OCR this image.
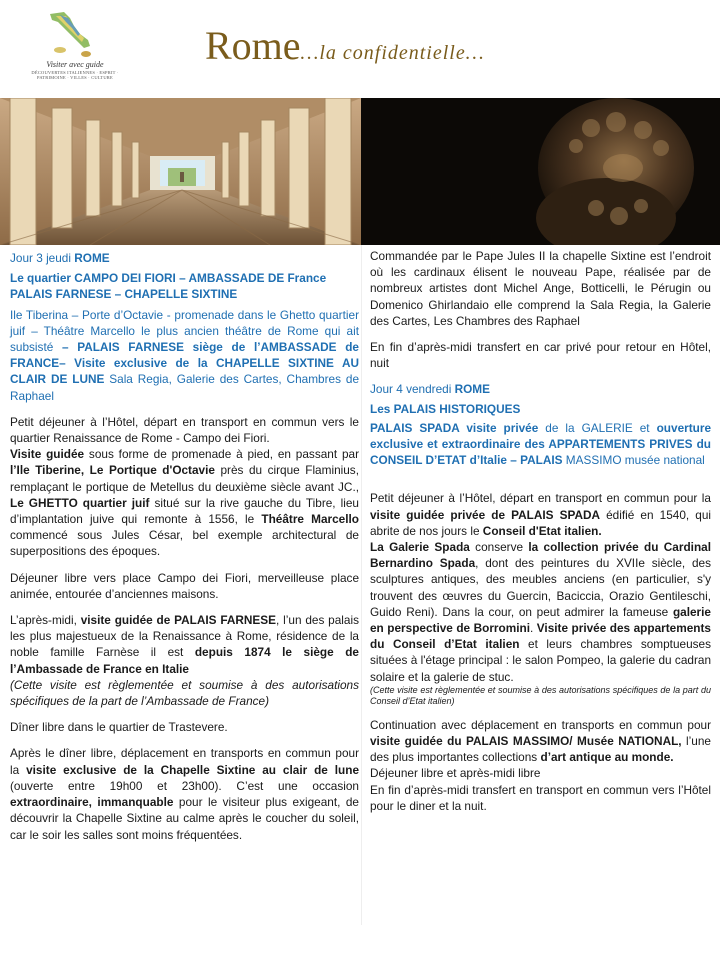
Visiter avec guide
DÉCOUVERTES ITALIENNES · ESPRIT · PATRIMOINE · VILLES · CULTURE
Rome…la confidentielle…

Jour 3 jeudi ROME

Le quartier CAMPO DEI FIORI – AMBASSADE DE France

PALAIS FARNESE – CHAPELLE SIXTINE

Ile Tiberina – Porte d’Octavie - promenade dans le Ghetto quartier juif – Théâtre Marcello le plus ancien théâtre de Rome qui ait subsisté – PALAIS FARNESE siège de l’AMBASSADE de FRANCE– Visite exclusive de la CHAPELLE SIXTINE AU CLAIR DE LUNE Sala Regia, Galerie des Cartes, Chambres de Raphael

Petit déjeuner à l’Hôtel, départ en transport en commun vers le quartier Renaissance de Rome - Campo dei Fiori.

Visite guidée sous forme de promenade à pied, en passant par l’Ile Tiberine, Le Portique d'Octavie près du cirque Flaminius, remplaçant le portique de Metellus du deuxième siècle avant JC., Le GHETTO quartier juif situé sur la rive gauche du Tibre, lieu d’implantation juive qui remonte à 1556, le Théâtre Marcello commencé sous Jules César, bel exemple architectural de superpositions des époques.

Déjeuner libre vers place Campo dei Fiori, merveilleuse place animée, entourée d’anciennes maisons.

L’après-midi, visite guidée de PALAIS FARNESE, l’un des palais les plus majestueux de la Renaissance à Rome, résidence de la noble famille Farnèse il est depuis 1874 le siège de l’Ambassade de France en Italie

(Cette visite est règlementée et soumise à des autorisations spécifiques de la part de l’Ambassade de France)

Dîner libre dans le quartier de Trastevere.

Après le dîner libre, déplacement en transports en commun pour la visite exclusive de la Chapelle Sixtine au clair de lune (ouverte entre 19h00 et 23h00). C’est une occasion extraordinaire, immanquable pour le visiteur plus exigeant, de découvrir la Chapelle Sixtine au calme après le coucher du soleil, car le soir les salles sont moins fréquentées.

Commandée par le Pape Jules II la chapelle Sixtine est l’endroit où les cardinaux élisent le nouveau Pape, réalisée par de nombreux artistes dont Michel Ange, Botticelli, le Pérugin ou Domenico Ghirlandaio elle comprend la Sala Regia, la Galerie des Cartes, Les Chambres des Raphael

En fin d’après-midi transfert en car privé pour retour en Hôtel, nuit

Jour 4 vendredi ROME

Les PALAIS HISTORIQUES

PALAIS SPADA visite privée de la GALERIE et ouverture exclusive et extraordinaire des APPARTEMENTS PRIVES du CONSEIL D’ETAT d’Italie – PALAIS MASSIMO musée national

Petit déjeuner à l’Hôtel, départ en transport en commun pour la visite guidée privée de PALAIS SPADA édifié en 1540, qui abrite de nos jours le Conseil d'Etat italien.

La Galerie Spada conserve la collection privée du Cardinal Bernardino Spada, dont des peintures du XVIIe siècle, des sculptures antiques, des meubles anciens (en particulier, s'y trouvent des œuvres du Guercin, Baciccia, Orazio Gentileschi, Guido Reni). Dans la cour, on peut admirer la fameuse galerie en perspective de Borromini. Visite privée des appartements du Conseil d’Etat italien et leurs chambres somptueuses situées à l'étage principal : le salon Pompeo, la galerie du cadran solaire et la galerie de stuc.

(Cette visite est règlementée et soumise à des autorisations spécifiques de la part du Conseil d’Etat italien)

Continuation avec déplacement en transports en commun pour visite guidée du PALAIS MASSIMO/ Musée NATIONAL, l’une des plus importantes collections d’art antique au monde.

Déjeuner libre et après-midi libre

En fin d’après-midi transfert en transport en commun vers l’Hôtel pour le diner et la nuit.
